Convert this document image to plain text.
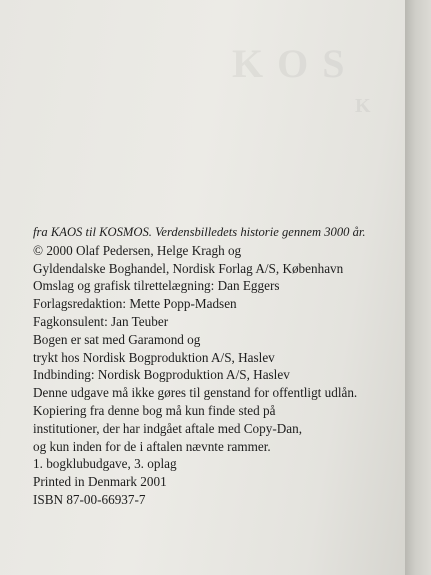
K O S
K
fra KAOS til KOSMOS. Verdensbilledets historie gennem 3000 år.
© 2000 Olaf Pedersen, Helge Kragh og
Gyldendalske Boghandel, Nordisk Forlag A/S, København
Omslag og grafisk tilrettelægning: Dan Eggers
Forlagsredaktion: Mette Popp-Madsen
Fagkonsulent: Jan Teuber
Bogen er sat med Garamond og
trykt hos Nordisk Bogproduktion A/S, Haslev
Indbinding: Nordisk Bogproduktion A/S, Haslev
Denne udgave må ikke gøres til genstand for offentligt udlån.
Kopiering fra denne bog må kun finde sted på
institutioner, der har indgået aftale med Copy-Dan,
og kun inden for de i aftalen nævnte rammer.
1. bogklubudgave, 3. oplag
Printed in Denmark 2001
ISBN 87-00-66937-7
